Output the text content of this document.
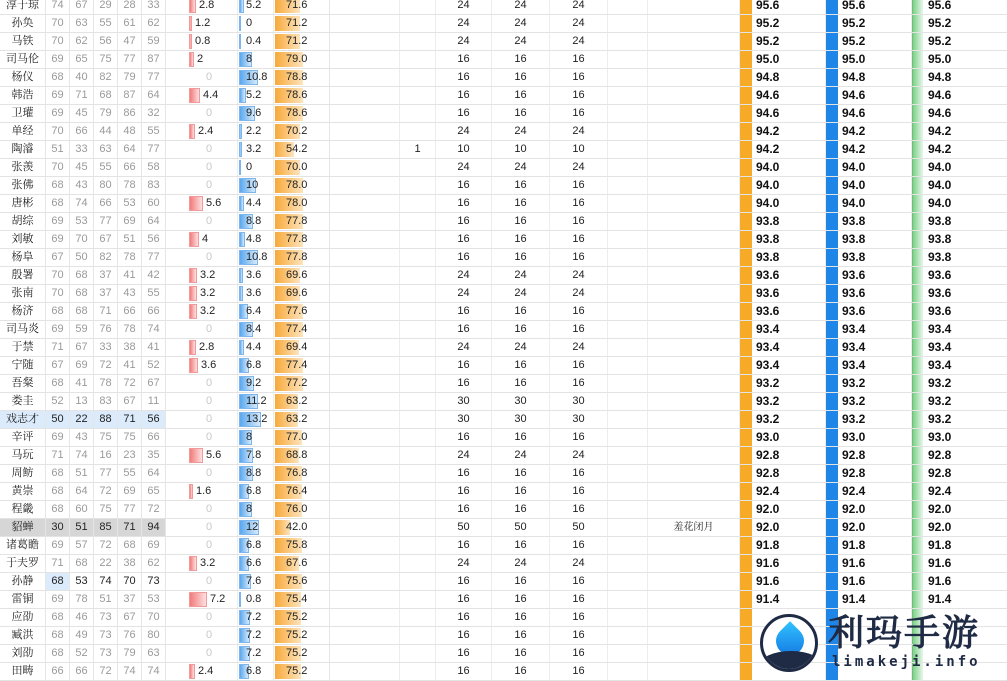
淳于琼	74	67	29	28	33	2.8	5.2	71.6	24	24	24	95.6	95.6	95.6
孙奂	70	63	55	61	62	1.2	0	71.2	24	24	24	95.2	95.2	95.2
马铁	70	62	56	47	59	0.8	0.4	71.2	24	24	24	95.2	95.2	95.2
司马伦	69	65	75	77	87	2	8	79.0	16	16	16	95.0	95.0	95.0
杨仪	68	40	82	79	77	0	10.8	78.8	16	16	16	94.8	94.8	94.8
韩浩	69	71	68	87	64	4.4	5.2	78.6	16	16	16	94.6	94.6	94.6
卫瓘	69	45	79	86	32	0	9.6	78.6	16	16	16	94.6	94.6	94.6
单经	70	66	44	48	55	2.4	2.2	70.2	24	24	24	94.2	94.2	94.2
陶濬	51	33	63	64	77	0	3.2	54.2	1	10	10	10	94.2	94.2	94.2
张羡	70	45	55	66	58	0	0	70.0	24	24	24	94.0	94.0	94.0
张佛	68	43	80	78	83	0	10	78.0	16	16	16	94.0	94.0	94.0
唐彬	68	74	66	53	60	5.6	4.4	78.0	16	16	16	94.0	94.0	94.0
胡综	69	53	77	69	64	0	8.8	77.8	16	16	16	93.8	93.8	93.8
刘敏	69	70	67	51	56	4	4.8	77.8	16	16	16	93.8	93.8	93.8
杨阜	67	50	82	78	77	0	10.8	77.8	16	16	16	93.8	93.8	93.8
殷署	70	68	37	41	42	3.2	3.6	69.6	24	24	24	93.6	93.6	93.6
张南	70	68	37	43	55	3.2	3.6	69.6	24	24	24	93.6	93.6	93.6
杨济	68	68	71	66	66	3.2	6.4	77.6	16	16	16	93.6	93.6	93.6
司马炎	69	59	76	78	74	0	8.4	77.4	16	16	16	93.4	93.4	93.4
于禁	71	67	33	38	41	2.8	4.4	69.4	24	24	24	93.4	93.4	93.4
宁随	67	69	72	41	52	3.6	6.8	77.4	16	16	16	93.4	93.4	93.4
吾粲	68	41	78	72	67	0	9.2	77.2	16	16	16	93.2	93.2	93.2
娄圭	52	13	83	67	11	0	11.2	63.2	30	30	30	93.2	93.2	93.2
戏志才	50	22	88	71	56	0	13.2	63.2	30	30	30	93.2	93.2	93.2
辛评	69	43	75	75	66	0	8	77.0	16	16	16	93.0	93.0	93.0
马玩	71	74	16	23	35	5.6	7.8	68.8	24	24	24	92.8	92.8	92.8
周鲂	68	51	77	55	64	0	8.8	76.8	16	16	16	92.8	92.8	92.8
黄崇	68	64	72	69	65	1.6	6.8	76.4	16	16	16	92.4	92.4	92.4
程畿	68	60	75	77	72	0	8	76.0	16	16	16	92.0	92.0	92.0
貂蝉	30	51	85	71	94	0	12	42.0	50	50	50	羞花闭月	92.0	92.0	92.0
诸葛瞻	69	57	72	68	69	0	6.8	75.8	16	16	16	91.8	91.8	91.8
于夫罗	71	68	22	38	62	3.2	6.6	67.6	24	24	24	91.6	91.6	91.6
孙静	68	53	74	70	73	0	7.6	75.6	16	16	16	91.6	91.6	91.6
雷铜	69	78	51	37	53	7.2	0.8	75.4	16	16	16	91.4	91.4	91.4
应劭	68	46	73	67	70	0	7.2	75.2	16	16	16
臧洪	68	49	73	76	80	0	7.2	75.2	16	16	16
刘劭	68	52	73	79	63	0	7.2	75.2	16	16	16
田畴	66	66	72	74	74	2.4	6.8	75.2	16	16	16
利玛手游
limakeji.info
